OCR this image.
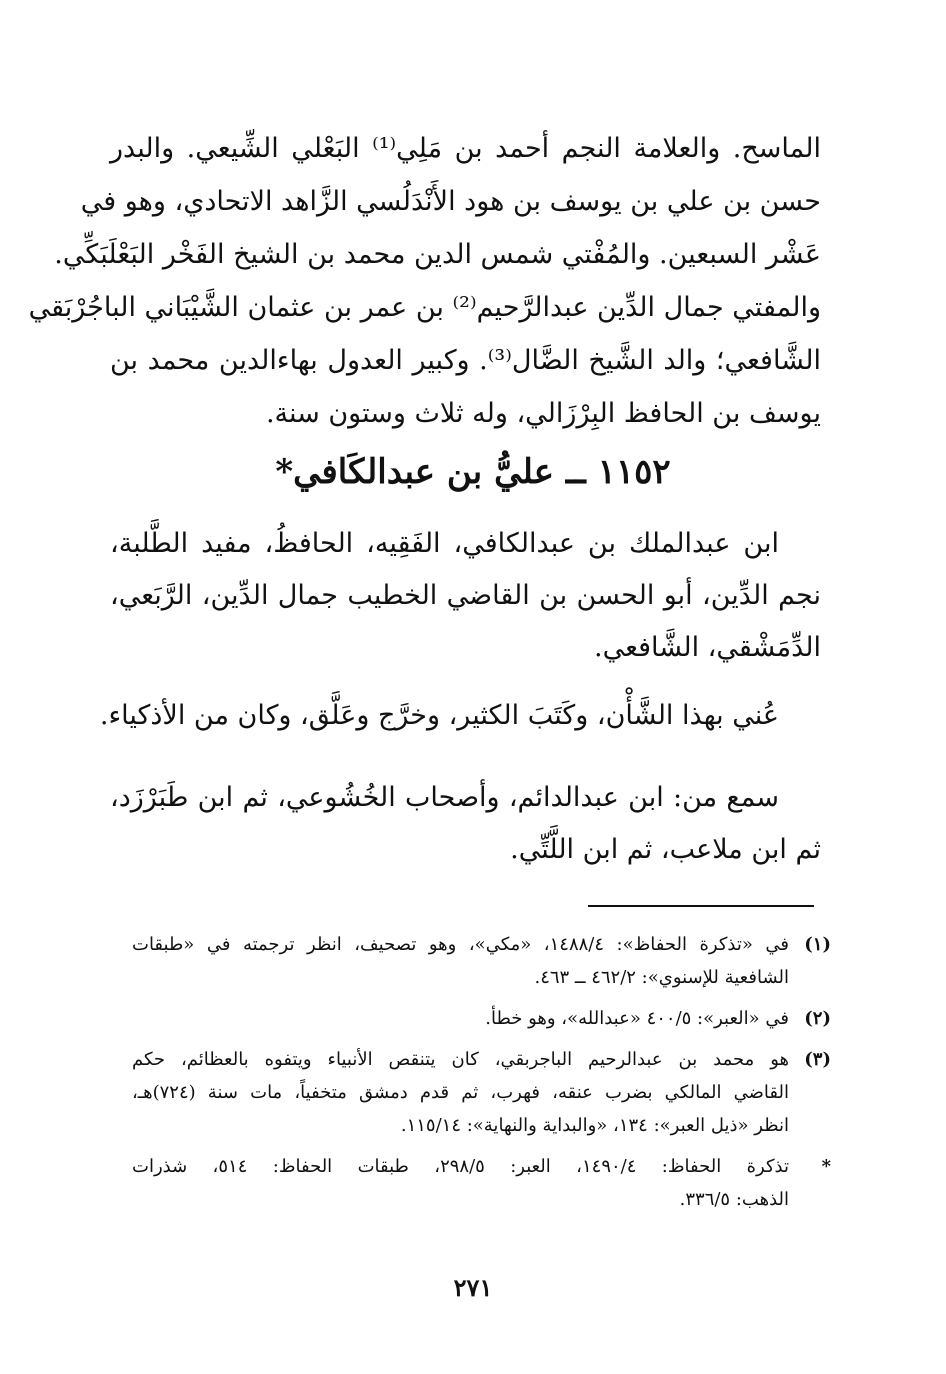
الماسح. والعلامة النجم أحمد بن مَلِي⁽¹⁾ البَعْلي الشِّيعي. والبدر
حسن بن علي بن يوسف بن هود الأَنْدَلُسي الزَّاهد الاتحادي، وهو في
عَشْر السبعين. والمُفْتي شمس الدين محمد بن الشيخ الفَخْر البَعْلَبَكِّي.
والمفتي جمال الدِّين عبدالرَّحيم⁽²⁾ بن عمر بن عثمان الشَّيْبَاني الباجُرْبَقي
الشَّافعي؛ والد الشَّيخ الضَّال⁽³⁾. وكبير العدول بهاءالدين محمد بن
يوسف بن الحافظ البِرْزَالي، وله ثلاث وستون سنة.
١١٥٢ ــ عليُّ بن عبدالكَافي*
ابن عبدالملك بن عبدالكافي، الفَقِيه، الحافظُ، مفيد الطَّلبة،
نجم الدِّين، أبو الحسن بن القاضي الخطيب جمال الدِّين، الرَّبَعي،
الدِّمَشْقي، الشَّافعي.
عُني بهذا الشَّأْن، وكَتَبَ الكثير، وخرَّج وعَلَّق، وكان من الأذكياء.
سمع من: ابن عبدالدائم، وأصحاب الخُشُوعي، ثم ابن طَبَرْزَد،
ثم ابن ملاعب، ثم ابن اللَّتِّي.
(١)
في «تذكرة الحفاظ»: ١٤٨٨/٤، «مكي»، وهو تصحيف، انظر ترجمته في «طبقات
الشافعية للإسنوي»: ٤٦٢/٢ ــ ٤٦٣.
(٢)
في «العبر»: ٤٠٠/٥ «عبدالله»، وهو خطأ.
(٣)
هو محمد بن عبدالرحيم الباجربقي، كان يتنقص الأنبياء ويتفوه بالعظائم، حكم
القاضي المالكي بضرب عنقه، فهرب، ثم قدم دمشق متخفياً، مات سنة (٧٢٤)هـ،
انظر «ذيل العبر»: ١٣٤، «والبداية والنهاية»: ١١٥/١٤.
*
تذكرة الحفاظ: ١٤٩٠/٤، العبر: ٢٩٨/٥، طبقات الحفاظ: ٥١٤، شذرات
الذهب: ٣٣٦/٥.
٢٧١
